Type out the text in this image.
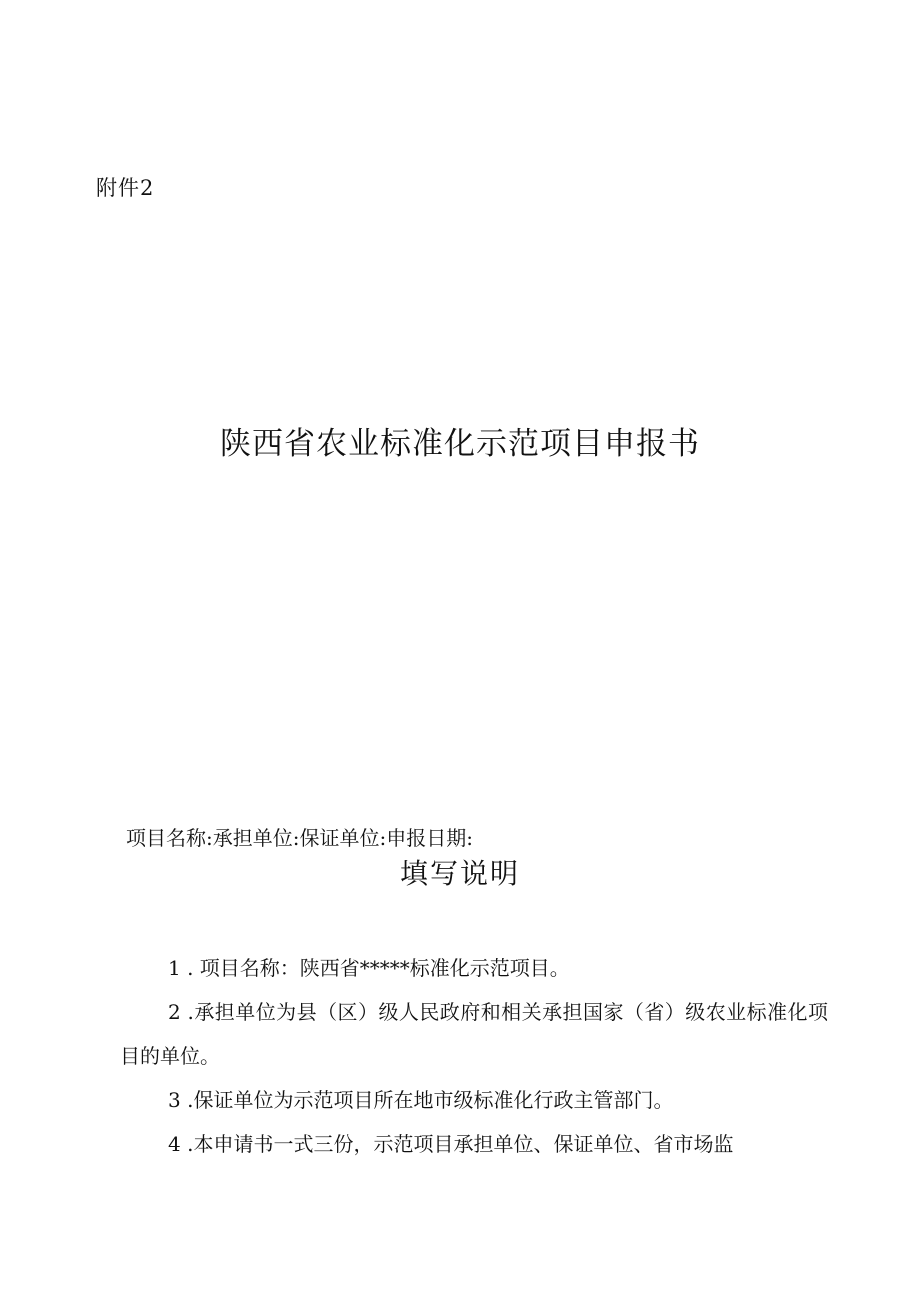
附件2
陕西省农业标准化示范项目申报书
项目名称:承担单位:保证单位:申报日期:
填写说明

1 . 项目名称：陕西省*****标准化示范项目。

2 .承担单位为县（区）级人民政府和相关承担国家（省）级农业标准化项目的单位。

3 .保证单位为示范项目所在地市级标准化行政主管部门。

4 .本申请书一式三份，示范项目承担单位、保证单位、省市场监
